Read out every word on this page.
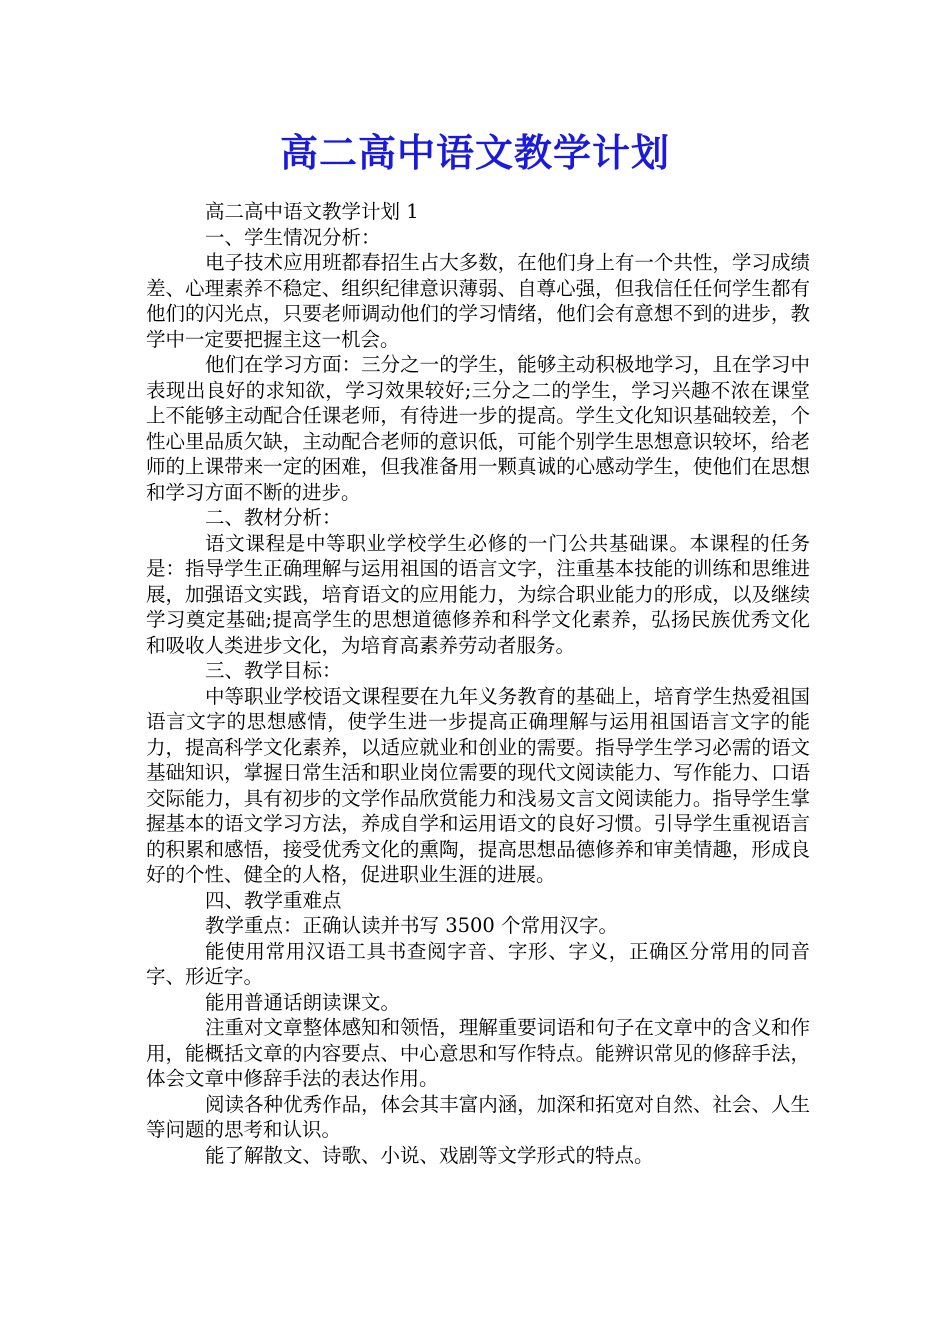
高二高中语文教学计划

高二高中语文教学计划 1

一、学生情况分析：

电子技术应用班都春招生占大多数，在他们身上有一个共性，学习成绩差、心理素养不稳定、组织纪律意识薄弱、自尊心强，但我信任任何学生都有他们的闪光点，只要老师调动他们的学习情绪，他们会有意想不到的进步，教学中一定要把握主这一机会。

他们在学习方面：三分之一的学生，能够主动积极地学习，且在学习中表现出良好的求知欲，学习效果较好;三分之二的学生，学习兴趣不浓在课堂上不能够主动配合任课老师，有待进一步的提高。学生文化知识基础较差，个性心里品质欠缺，主动配合老师的意识低，可能个别学生思想意识较坏，给老师的上课带来一定的困难，但我准备用一颗真诚的心感动学生，使他们在思想和学习方面不断的进步。

二、教材分析：

语文课程是中等职业学校学生必修的一门公共基础课。本课程的任务是：指导学生正确理解与运用祖国的语言文字，注重基本技能的训练和思维进展，加强语文实践，培育语文的应用能力，为综合职业能力的形成，以及继续学习奠定基础;提高学生的思想道德修养和科学文化素养，弘扬民族优秀文化和吸收人类进步文化，为培育高素养劳动者服务。

三、教学目标：

中等职业学校语文课程要在九年义务教育的基础上，培育学生热爱祖国语言文字的思想感情，使学生进一步提高正确理解与运用祖国语言文字的能力，提高科学文化素养，以适应就业和创业的需要。指导学生学习必需的语文基础知识，掌握日常生活和职业岗位需要的现代文阅读能力、写作能力、口语交际能力，具有初步的文学作品欣赏能力和浅易文言文阅读能力。指导学生掌握基本的语文学习方法，养成自学和运用语文的良好习惯。引导学生重视语言的积累和感悟，接受优秀文化的熏陶，提高思想品德修养和审美情趣，形成良好的个性、健全的人格，促进职业生涯的进展。

四、教学重难点

教学重点：正确认读并书写 3500 个常用汉字。

能使用常用汉语工具书查阅字音、字形、字义，正确区分常用的同音字、形近字。

能用普通话朗读课文。

注重对文章整体感知和领悟，理解重要词语和句子在文章中的含义和作用，能概括文章的内容要点、中心意思和写作特点。能辨识常见的修辞手法，体会文章中修辞手法的表达作用。

阅读各种优秀作品，体会其丰富内涵，加深和拓宽对自然、社会、人生等问题的思考和认识。

能了解散文、诗歌、小说、戏剧等文学形式的特点。
